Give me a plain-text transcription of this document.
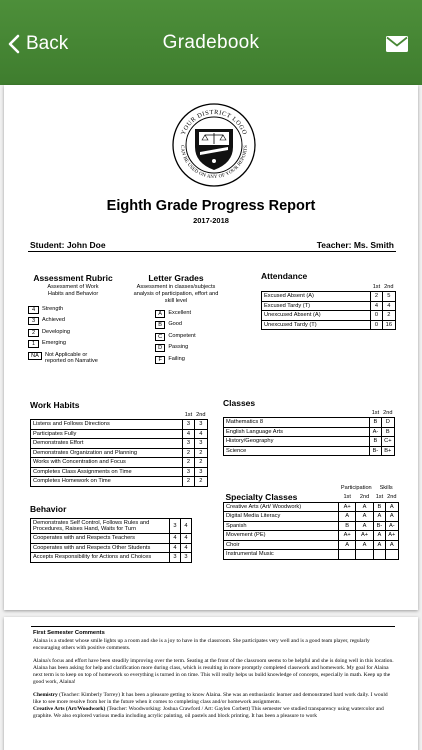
Back	Gradebook
YOUR DISTRICT LOGO
CAN BE USED ON ANY OF YOUR REPORTS
Eighth Grade Progress Report
2017-2018
Student: John Doe	Teacher: Ms. Smith
Assessment Rubric
Assessment of Work Habits and Behavior
4	Strength
3	Achieved
2	Developing
1	Emerging
NA	Not Applicable or reported on Narrative
Letter Grades
Assessment in classes/subjects analysis of participation, effort and skill level
A	Excellent
B	Good
C	Competent
D	Passing
F	Failing
Attendance
	1st	2nd
Excused Absent (A)	2	5
Excused Tardy (T)	4	4
Unexcused Absent (A)	0	2
Unexcused Tardy (T)	0	16
Work Habits
	1st	2nd
Listens and Follows Directions	3	3
Participates Fully	4	4
Demonstrates Effort	3	3
Demonstrates Organization and Planning	2	2
Works with Concentration and Focus	2	2
Completes Class Assignments on Time	3	3
Completes Homework on Time	2	2
Classes
	1st	2nd
Mathematics 8	B	D
English Language Arts	A-	B
History/Geography	B	C+
Science	B-	B+
Behavior
Demonstrates Self Control, Follows Rules and Procedures, Raises Hand, Waits for Turn	3	4
Cooperates with and Respects Teachers	4	4
Cooperates with and Respects Other Students	4	4
Accepts Responsibility for Actions and Choices	3	3
Specialty Classes	Participation		Skills	
	1st	2nd	1st	2nd
Creative Arts (Art/ Woodwork)	A+	A	B	A
Digital Media Literacy	A	A	A	A
Spanish	B	A	B-	A-
Movement (PE)	A+	A+	A	A+
Choir	A	A	A	A
Instrumental Music				
First Semester Comments

Alaina is a student whose smile lights up a room and she is a joy to have in the classroom. She participates very well and is a good team player, regularly encouraging others with positive comments.

Alaina's focus and effort have been steadily improving over the term. Seating at the front of the classroom seems to be helpful and she is doing well in this location. Alaina has been asking for help and clarification more during class, which is resulting in more promptly completed classwork and homework. My goal for Alaina next term is to keep on top of homework so everything is turned in on time. This will really helps us build knowledge of concepts, especially in math. Keep up the good work, Alaina!

Chemistry (Teacher: Kimberly Torrey) It has been a pleasure getting to know Alaina. She was an enthusiastic learner and demonstrated hard work daily. I would like to see more resolve from her in the future when it comes to completing class and/or homework assignments.

Creative Arts (Art/Woodwork) (Teacher: Woodworking: Joshua Crawford / Art: Gaylen Corbett) This semester we studied transparency using watercolor and graphite. We also explored various media including acrylic painting, oil pastels and block printing. It has been a pleasure to work
